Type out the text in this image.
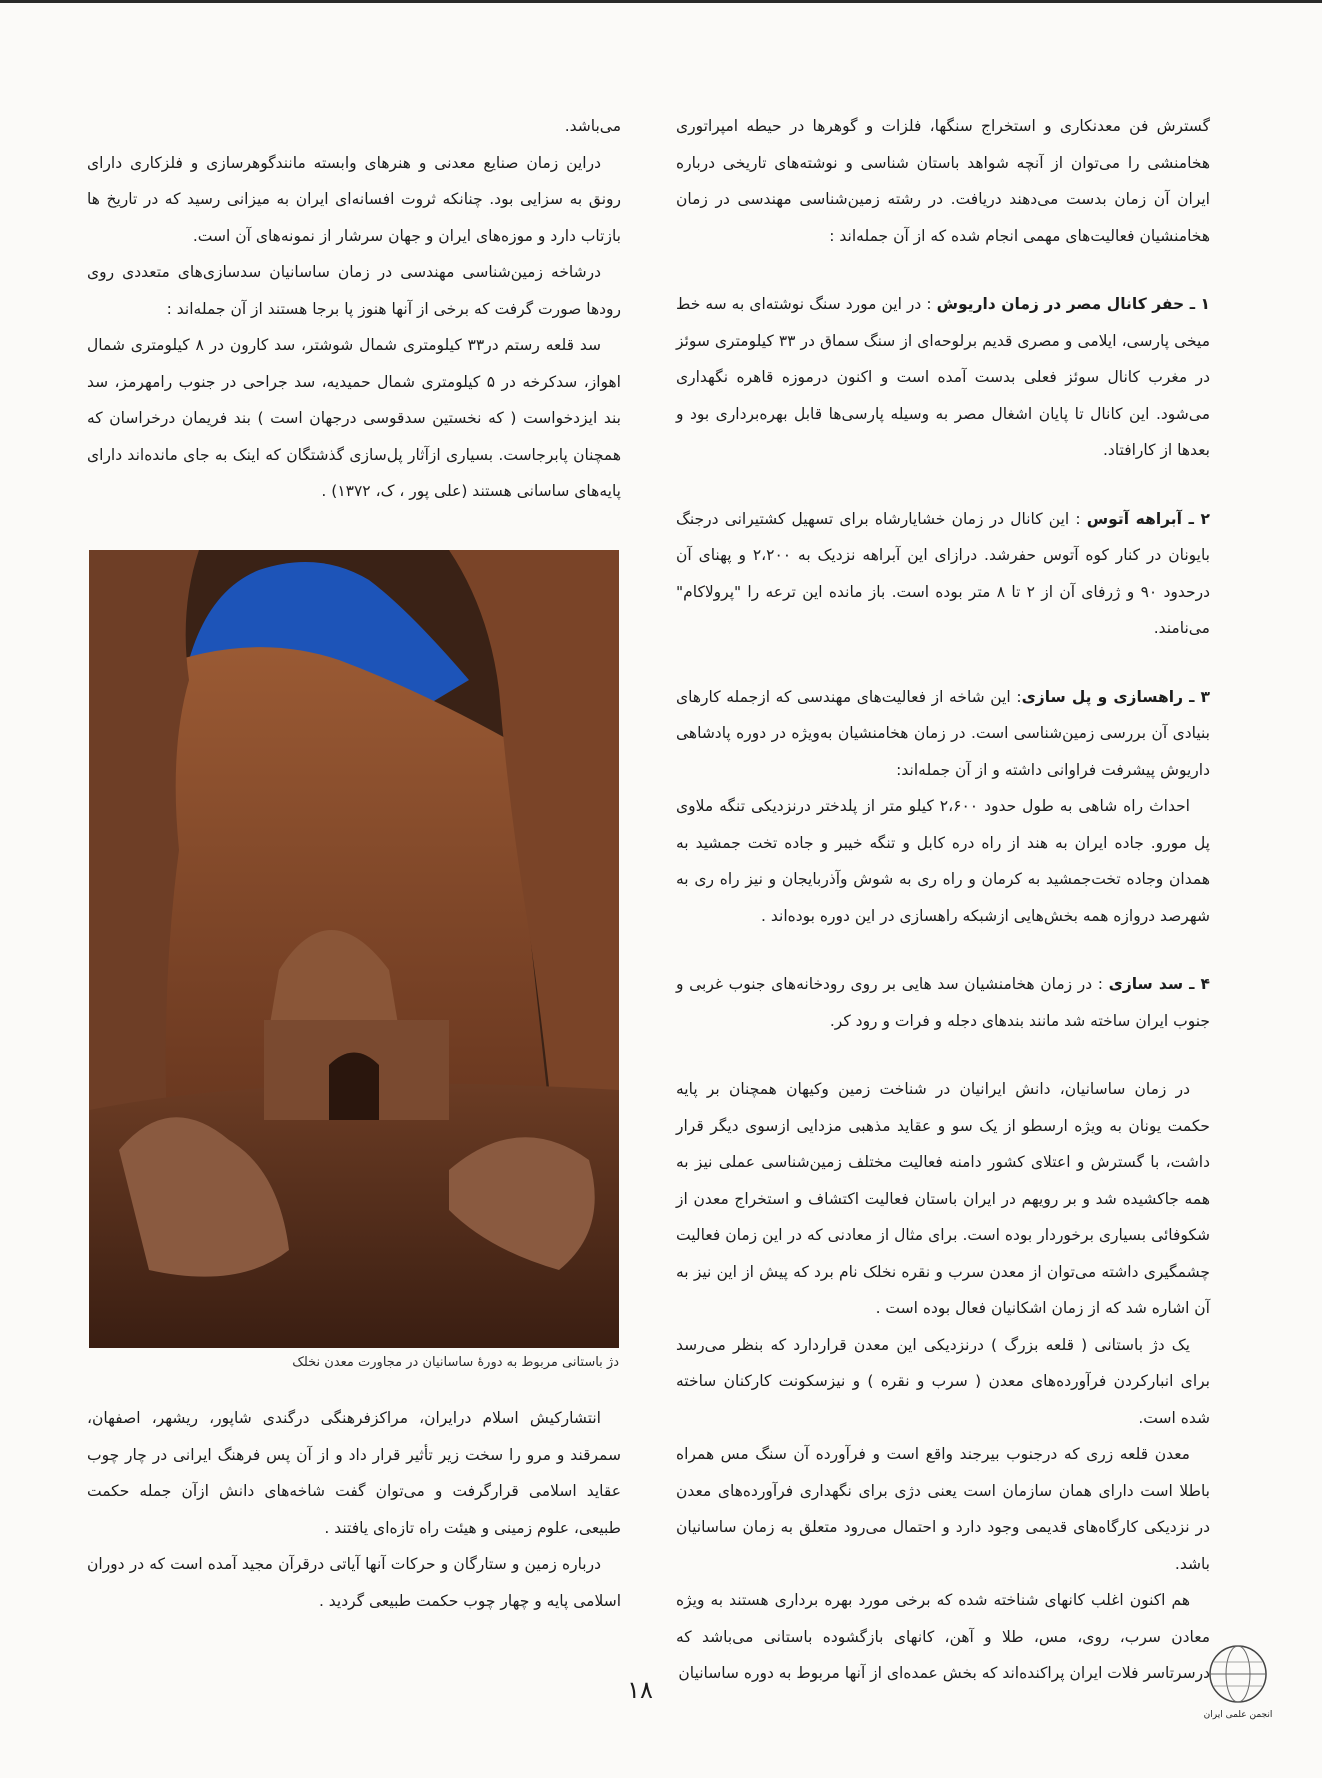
گسترش فن معدنکاری و استخراج سنگها، فلزات و گوهرها در حیطه امپراتوری هخامنشی را می‌توان از آنچه شواهد باستان شناسی و نوشته‌های تاریخی درباره ایران آن زمان بدست می‌دهند دریافت. در رشته زمین‌شناسی مهندسی در زمان هخامنشیان فعالیت‌های مهمی انجام شده که از آن جمله‌اند :

۱ ـ حفر کانال مصر در زمان داریوش : در این مورد سنگ نوشته‌ای به سه خط میخی پارسی، ایلامی و مصری قدیم برلوحه‌ای از سنگ سماق در ۳۳ کیلومتری سوئز در مغرب کانال سوئز فعلی بدست آمده است و اکنون درموزه قاهره نگهداری می‌شود. این کانال تا پایان اشغال مصر به وسیله پارسی‌ها قابل بهره‌برداری بود و بعدها از کارافتاد.

۲ ـ آبراهه آتوس : این کانال در زمان خشایارشاه برای تسهیل کشتیرانی درجنگ بایونان در کنار کوه آتوس حفرشد. درازای این آبراهه نزدیک به ۲،۲۰۰ و پهنای آن درحدود ۹۰ و ژرفای آن از ۲ تا ۸ متر بوده است. باز مانده این ترعه را "پرولاکام" می‌نامند.

۳ ـ راهسازی و پل سازی: این شاخه از فعالیت‌های مهندسی که ازجمله کارهای بنیادی آن بررسی زمین‌شناسی است. در زمان هخامنشیان به‌ویژه در دوره پادشاهی داریوش پیشرفت فراوانی داشته و از آن جمله‌اند:

احداث راه شاهی به طول حدود ۲،۶۰۰ کیلو متر از پلدختر درنزدیکی تنگه ملاوی پل مورو. جاده ایران به هند از راه دره کابل و تنگه خیبر و جاده تخت جمشید به همدان وجاده تخت‌جمشید به کرمان و راه ری به شوش وآذربایجان و نیز راه ری به شهرصد دروازه همه بخش‌هایی ازشبکه راهسازی در این دوره بوده‌اند .

۴ ـ سد سازی : در زمان هخامنشیان سد هایی بر روی رودخانه‌های جنوب غربی و جنوب ایران ساخته شد مانند بندهای دجله و فرات و رود کر.

در زمان ساسانیان، دانش ایرانیان در شناخت زمین وکیهان همچنان بر پایه حکمت یونان به ویژه ارسطو از یک سو و عقاید مذهبی مزدایی ازسوی دیگر قرار داشت، با گسترش و اعتلای کشور دامنه فعالیت مختلف زمین‌شناسی عملی نیز به همه جاکشیده شد و بر رویهم در ایران باستان فعالیت اکتشاف و استخراج معدن از شکوفائی بسیاری برخوردار بوده است. برای مثال از معادنی که در این زمان فعالیت چشمگیری داشته می‌توان از معدن سرب و نقره نخلک نام برد که پیش از این نیز به آن اشاره شد که از زمان اشکانیان فعال بوده است .

یک دژ باستانی ( قلعه بزرگ ) درنزدیکی این معدن قراردارد که بنظر می‌رسد برای انبارکردن فرآورده‌های معدن ( سرب و نقره ) و نیزسکونت کارکنان ساخته شده است.

معدن قلعه زری که درجنوب بیرجند واقع است و فرآورده آن سنگ مس همراه باطلا است دارای همان سازمان است یعنی دژی برای نگهداری فرآورده‌های معدن در نزدیکی کارگاه‌های قدیمی وجود دارد و احتمال می‌رود متعلق به زمان ساسانیان باشد.

هم اکنون اغلب کانهای شناخته شده که برخی مورد بهره برداری هستند به ویژه معادن سرب، روی، مس، طلا و آهن، کانهای بازگشوده باستانی می‌باشد که درسرتاسر فلات ایران پراکنده‌اند که بخش عمده‌ای از آنها مربوط به دوره ساسانیان

می‌باشد.

دراین زمان صنایع معدنی و هنرهای وابسته مانندگوهرسازی و فلزکاری دارای رونق به سزایی بود. چنانکه ثروت افسانه‌ای ایران به میزانی رسید که در تاریخ ها بازتاب دارد و موزه‌های ایران و جهان سرشار از نمونه‌های آن است.

درشاخه زمین‌شناسی مهندسی در زمان ساسانیان سدسازی‌های متعددی روی رودها صورت گرفت که برخی از آنها هنوز پا برجا هستند از آن جمله‌اند :

سد قلعه رستم در۳۳ کیلومتری شمال شوشتر، سد کارون در ۸ کیلومتری شمال اهواز، سدکرخه در ۵ کیلومتری شمال حمیدیه، سد جراحی در جنوب رامهرمز، سد بند ایزدخواست ( که نخستین سدقوسی درجهان است ) بند فریمان درخراسان که همچنان پابرجاست. بسیاری ازآثار پل‌سازی گذشتگان که اینک به جای مانده‌اند دارای پایه‌های ساسانی هستند (علی پور ، ک، ۱۳۷۲) .

دژ باستانی مربوط به دورهٔ ساسانیان در مجاورت معدن نخلک

انتشارکیش اسلام درایران، مراکزفرهنگی درگندی شاپور، ریشهر، اصفهان، سمرقند و مرو را سخت زیر تأثیر قرار داد و از آن پس فرهنگ ایرانی در چار چوب عقاید اسلامی قرارگرفت و می‌توان گفت شاخه‌های دانش ازآن جمله حکمت طبیعی، علوم زمینی و هیئت راه تازه‌ای یافتند .

درباره زمین و ستارگان و حرکات آنها آیاتی درقرآن مجید آمده است که در دوران اسلامی پایه و چهار چوب حکمت طبیعی گردید .

۱۸
انجمن علمی ایران
